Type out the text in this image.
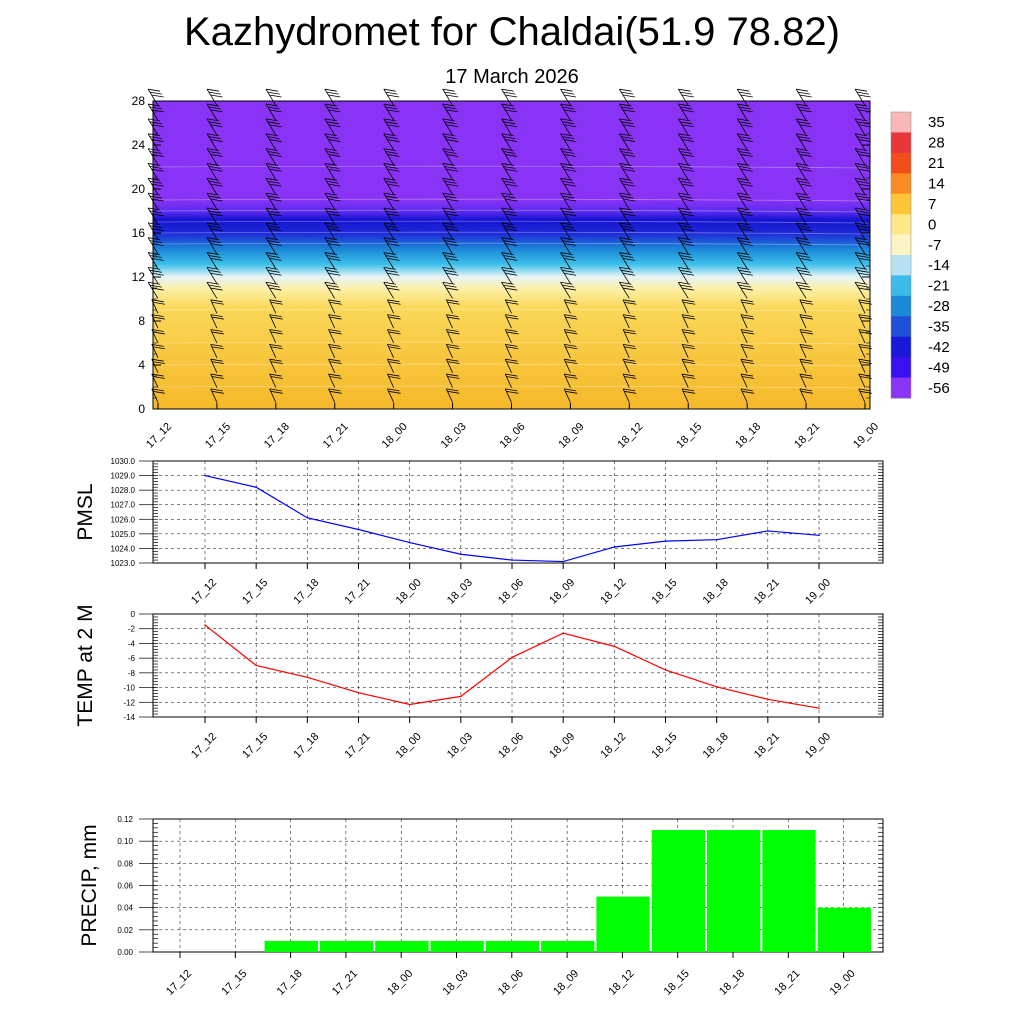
Kazhydromet for Chaldai(51.9 78.82)
17 March 2026
0
4
8
12
16
20
24
28
17_12	17_15	17_18	17_21	18_00	18_03	18_06	18_09	18_12	18_15	18_18	18_21	19_00
35
28
21
14
7
0
-7
-14
-21
-28
-35
-42
-49
-56
1023.0
1024.0
1025.0
1026.0
1027.0
1028.0
1029.0
1030.0
17_12 17_15 17_18 17_21 18_00 18_03 18_06 18_09 18_12 18_15 18_18 18_21 19_00
PMSL
0
-2
-4
-6
-8
-10
-12
-14
17_12 17_15 17_18 17_21 18_00 18_03 18_06 18_09 18_12 18_15 18_18 18_21 19_00
TEMP at 2 M
0.00
0.02
0.04
0.06
0.08
0.10
0.12
17_12 17_15 17_18 17_21 18_00 18_03 18_06 18_09 18_12 18_15 18_18 18_21 19_00
PRECIP, mm
